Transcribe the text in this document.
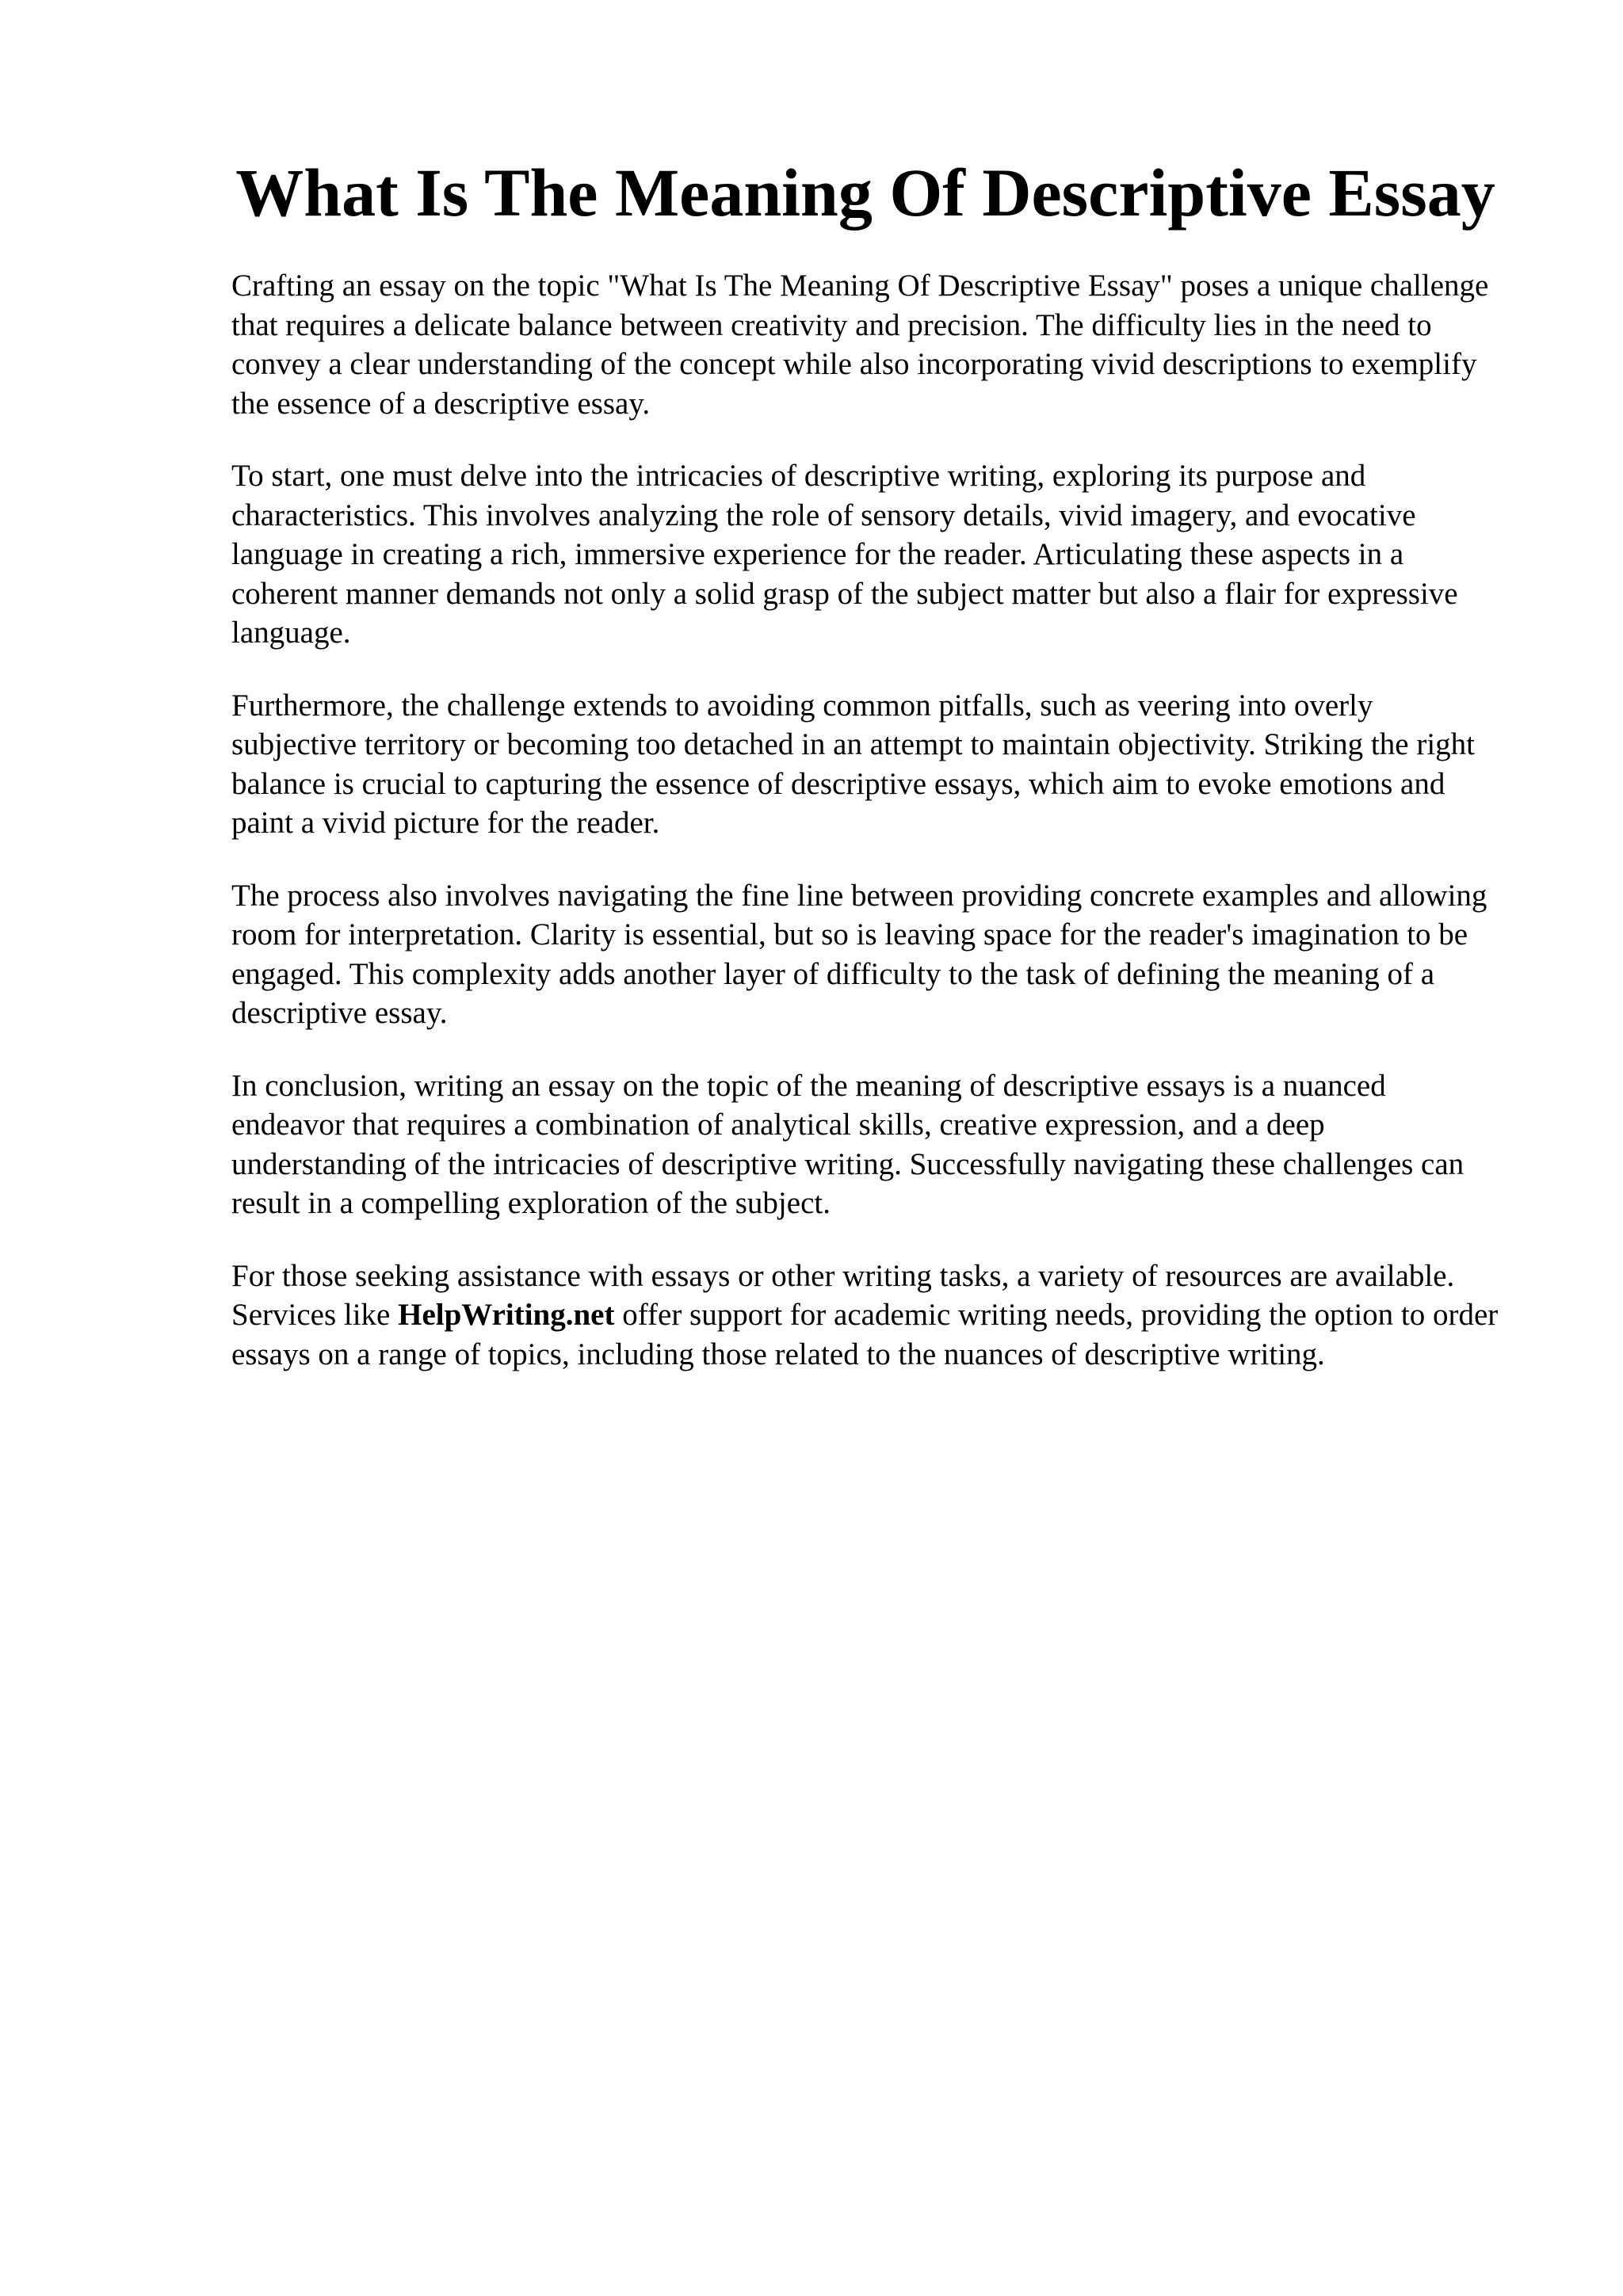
What Is The Meaning Of Descriptive Essay

Crafting an essay on the topic "What Is The Meaning Of Descriptive Essay" poses a unique challenge that requires a delicate balance between creativity and precision. The difficulty lies in the need to convey a clear understanding of the concept while also incorporating vivid descriptions to exemplify the essence of a descriptive essay.

To start, one must delve into the intricacies of descriptive writing, exploring its purpose and characteristics. This involves analyzing the role of sensory details, vivid imagery, and evocative language in creating a rich, immersive experience for the reader. Articulating these aspects in a coherent manner demands not only a solid grasp of the subject matter but also a flair for expressive language.

Furthermore, the challenge extends to avoiding common pitfalls, such as veering into overly subjective territory or becoming too detached in an attempt to maintain objectivity. Striking the right balance is crucial to capturing the essence of descriptive essays, which aim to evoke emotions and paint a vivid picture for the reader.

The process also involves navigating the fine line between providing concrete examples and allowing room for interpretation. Clarity is essential, but so is leaving space for the reader's imagination to be engaged. This complexity adds another layer of difficulty to the task of defining the meaning of a descriptive essay.

In conclusion, writing an essay on the topic of the meaning of descriptive essays is a nuanced endeavor that requires a combination of analytical skills, creative expression, and a deep understanding of the intricacies of descriptive writing. Successfully navigating these challenges can result in a compelling exploration of the subject.

For those seeking assistance with essays or other writing tasks, a variety of resources are available. Services like HelpWriting.net offer support for academic writing needs, providing the option to order essays on a range of topics, including those related to the nuances of descriptive writing.
